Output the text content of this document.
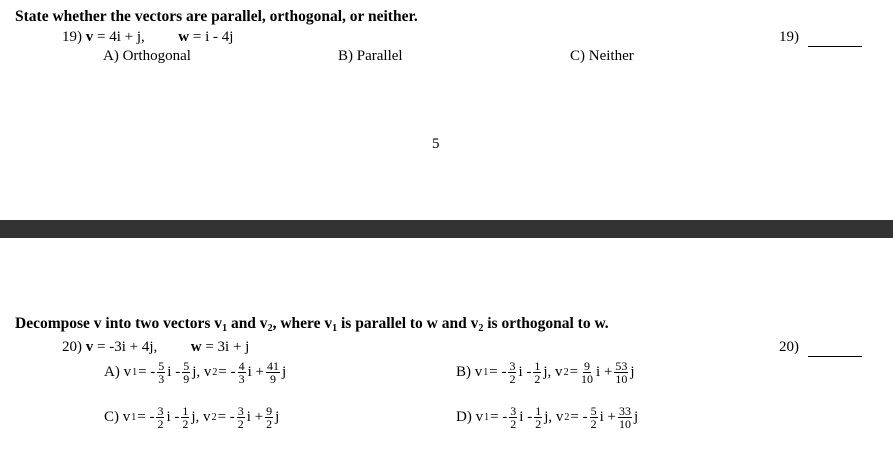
State whether the vectors are parallel, orthogonal, or neither.
19) v = 4i + j, w = i - 4j
A) Orthogonal	B) Parallel	C) Neither
19)
5
Decompose v into two vectors $v_1$ and $v_2$, where $v_1$ is parallel to w and $v_2$ is orthogonal to w.
20) v = -3i + 4j, w = 3i + j	20)
A) v 1 = - $\frac{5}{3}$ i - $\frac{5}{9} j$, v 2 = - $\frac{4}{3}$ $i + \frac{41}{9}$ j	B) v 1 = - $\frac{3}{2}$ i - $\frac{1}{2} j$, v $2 = \frac{9}{10}$ $i + \frac{53}{10}$ j
C) v 1 = - $\frac{3}{2}$ i - $\frac{1}{2} j$, v 2 = - $\frac{3}{2}$ $i + \frac{9}{2}$ j	D) v 1 = - $\frac{3}{2}$ i - $\frac{1}{2} j$, v 2 = - $\frac{5}{2}$ $i + \frac{33}{10}$ j
